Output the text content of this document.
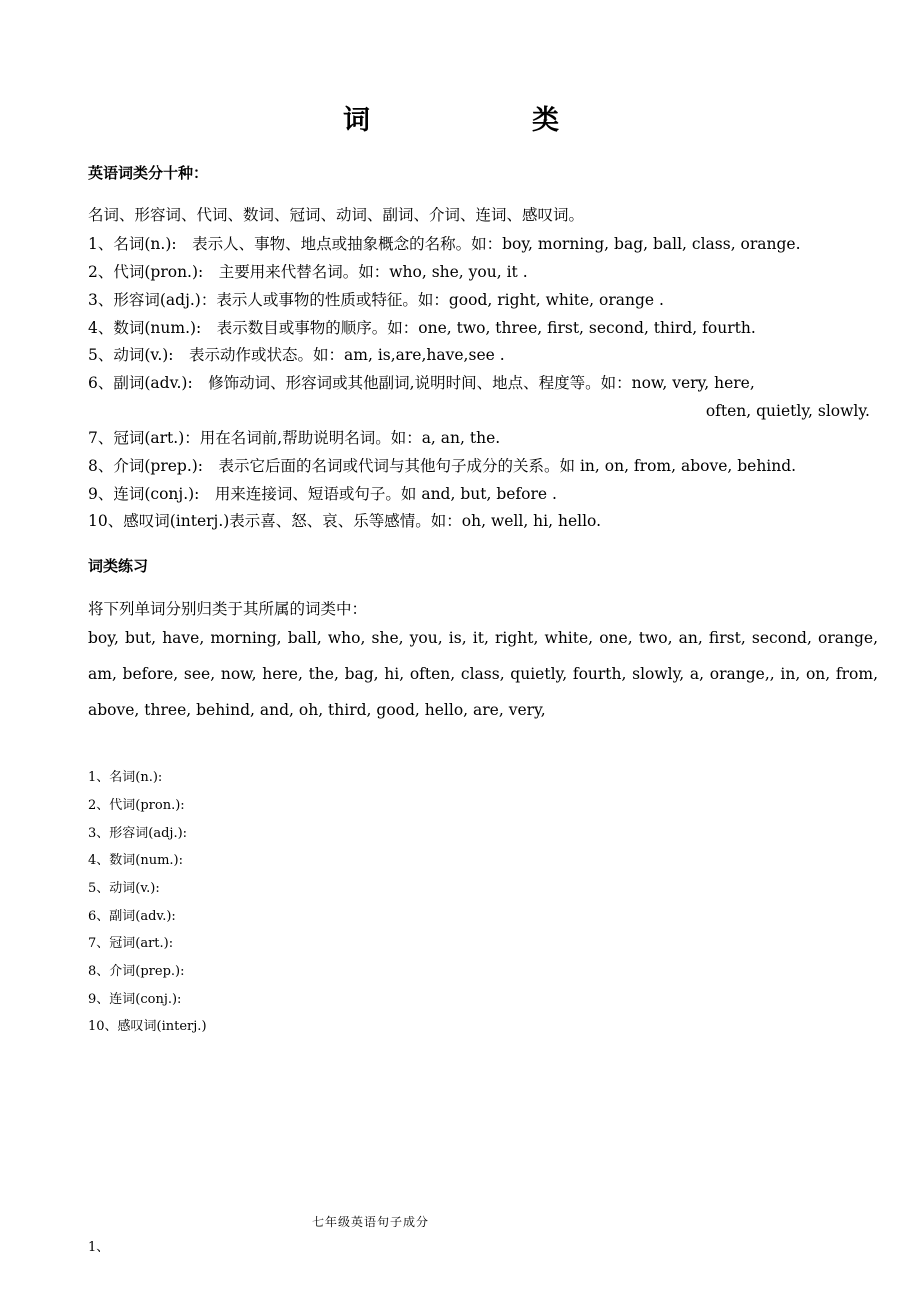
词　　类
英语词类分十种：
名词、形容词、代词、数词、冠词、动词、副词、介词、连词、感叹词。
1、名词(n.):　表示人、事物、地点或抽象概念的名称。如：boy, morning, bag, ball, class, orange.
2、代词(pron.):　主要用来代替名词。如：who, she, you, it .
3、形容词(adj.)：表示人或事物的性质或特征。如：good, right, white, orange .
4、数词(num.):　表示数目或事物的顺序。如：one, two, three, first, second, third, fourth.
5、动词(v.):　表示动作或状态。如：am, is,are,have,see .
6、副词(adv.):　修饰动词、形容词或其他副词,说明时间、地点、程度等。如：now, very, here,
often, quietly, slowly.
7、冠词(art.)：用在名词前,帮助说明名词。如：a, an, the.
8、介词(prep.):　表示它后面的名词或代词与其他句子成分的关系。如 in, on, from, above, behind.
9、连词(conj.):　用来连接词、短语或句子。如 and, but, before .
10、感叹词(interj.)表示喜、怒、哀、乐等感情。如：oh, well, hi, hello.
词类练习
将下列单词分别归类于其所属的词类中：
boy, but, have, morning, ball, who, she, you, is, it, right, white, one, two, an, first, second, orange, am, before, see, now, here, the, bag, hi, often, class, quietly, fourth, slowly, a, orange,, in, on, from, above, three, behind, and, oh, third, good, hello, are, very,
1、名词(n.):
2、代词(pron.):
3、形容词(adj.):
4、数词(num.):
5、动词(v.):
6、副词(adv.):
7、冠词(art.):
8、介词(prep.):
9、连词(conj.):
10、感叹词(interj.)
七年级英语句子成分
1、
